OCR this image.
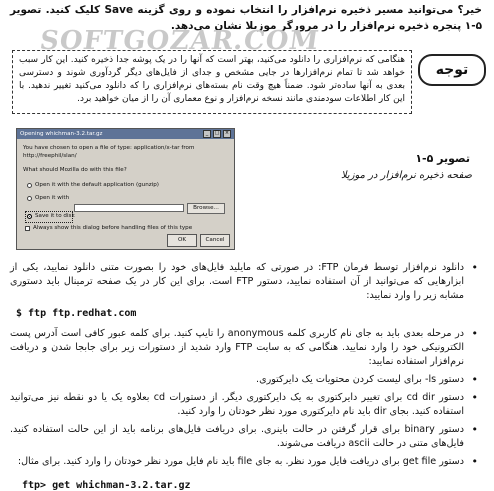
خیر؟ می‌توانید مسیر ذخیره نرم‌افزار را انتخاب نموده و روی گزینه Save کلیک کنید. تصویر ۵-۱ پنجره ذخیره نرم‌افزار را در مرورگر موزیلا نشان می‌دهد.
SOFTGOZAR.COM
هنگامی که نرم‌افزاری را دانلود می‌کنید، بهتر است که آنها را در یک پوشه جدا ذخیره کنید. این کار سبب خواهد شد تا تمام نرم‌افزارها در جایی مشخص و جدای از فایل‌های دیگر گردآوری شوند و دسترسی بعدی به آنها ساده‌تر شود. ضمناً هیچ وقت نام بسته‌های نرم‌افزاری را که دانلود می‌کنید تغییر ندهید. با این کار اطلاعات سودمندی مانند نسخه نرم‌افزار و نوع معماری آن را از میان خواهید برد.
توجه
Opening whichman-3.2.tar.gz	_	□	×
You have chosen to open a file of type: application/x-tar from
http://freephil/slan/
What should Mozilla do with this file?
Open it with the default application (gunzip)
Open it with
Browse...
Save it to disk
Always show this dialog before handling files of this type
OK	Cancel
تصویر ۵-۱
صفحه ذخیره نرم‌افزار در موزیلا
• دانلود نرم‌افزار توسط فرمان FTP: در صورتی که مایلید فایل‌های خود را بصورت متنی دانلود نمایید، یکی از ابزارهایی که می‌توانید از آن استفاده نمایید، دستور FTP است. برای این کار در یک صفحه ترمینال باید دستوری مشابه زیر را وارد نمایید:
$ ftp ftp.redhat.com
• در مرحله بعدی باید به جای نام کاربری کلمه anonymous را تایپ کنید. برای کلمه عبور کافی است آدرس پست الکترونیکی خود را وارد نمایید. هنگامی که به سایت FTP وارد شدید از دستورات زیر برای جابجا شدن و دریافت نرم‌افزار استفاده نمایید:
• دستور ls- برای لیست کردن محتویات یک دایرکتوری.
• دستور cd dir برای تغییر دایرکتوری به یک دایرکتوری دیگر. از دستورات cd بعلاوه یک یا دو نقطه نیز می‌توانید استفاده کنید. بجای dir باید نام دایرکتوری مورد نظر خودتان را وارد کنید.
• دستور binary برای قرار گرفتن در حالت باینری. برای دریافت فایل‌های برنامه باید از این حالت استفاده کنید. فایل‌های متنی در حالت ascii دریافت می‌شوند.
• دستور get file برای دریافت فایل مورد نظر. به جای file باید نام فایل مورد نظر خودتان را وارد کنید. برای مثال:
ftp> get whichman-3.2.tar.gz
